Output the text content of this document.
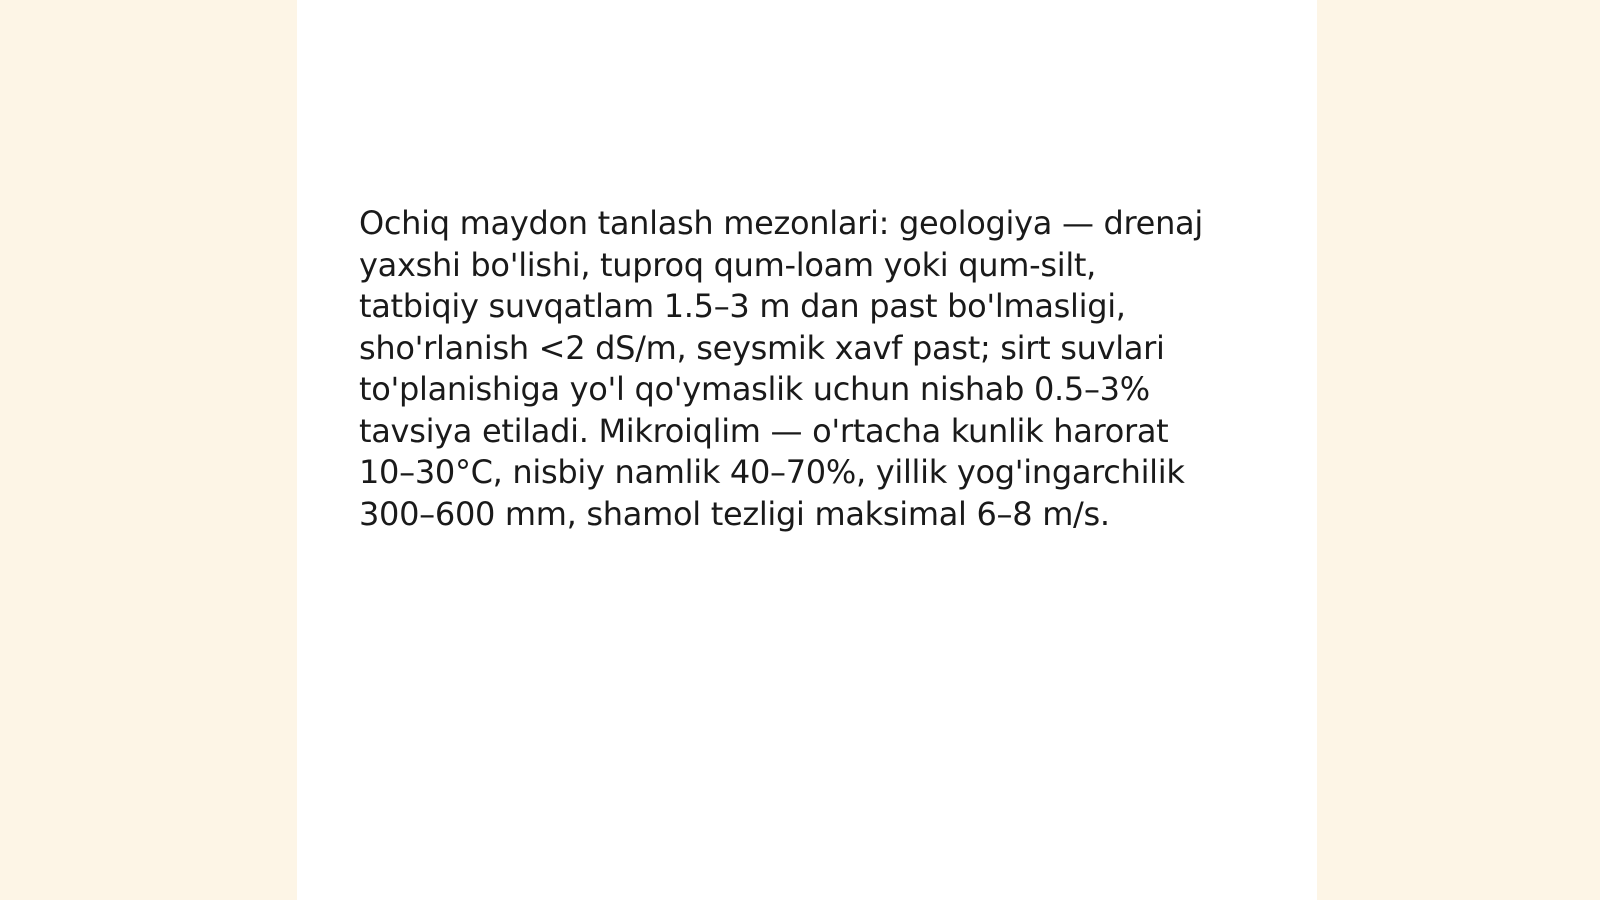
Ochiq maydon tanlash mezonlari: geologiya — drenaj
yaxshi bo'lishi, tuproq qum-loam yoki qum-silt,
tatbiqiy suvqatlam 1.5–3 m dan past bo'lmasligi,
sho'rlanish <2 dS/m, seysmik xavf past; sirt suvlari
to'planishiga yo'l qo'ymaslik uchun nishab 0.5–3%
tavsiya etiladi. Mikroiqlim — o'rtacha kunlik harorat
10–30°C, nisbiy namlik 40–70%, yillik yog'ingarchilik
300–600 mm, shamol tezligi maksimal 6–8 m/s.
